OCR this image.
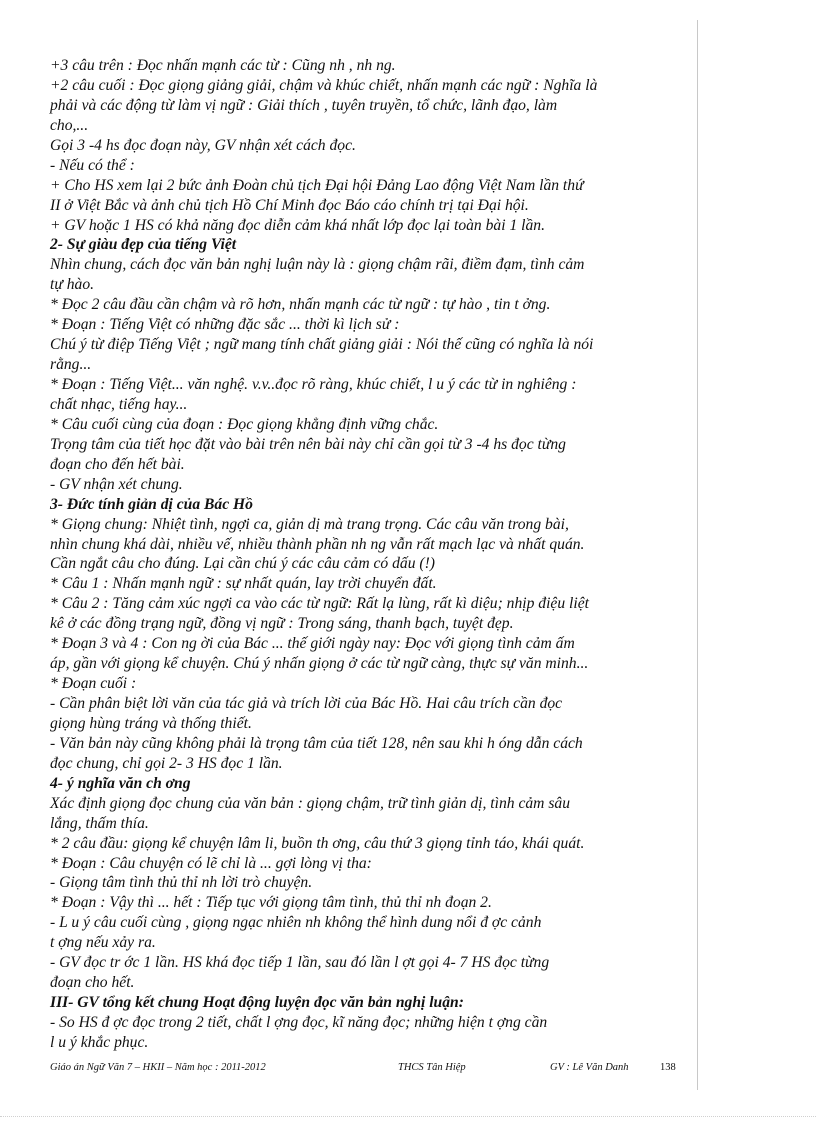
+3 câu trên : Đọc nhấn mạnh các từ : Cũng nh , nh ng.
+2 câu cuối : Đọc giọng giảng giải, chậm và khúc chiết, nhấn mạnh các ngữ : Nghĩa là
phải và các động từ làm vị ngữ : Giải thích , tuyên truyền, tổ chức, lãnh đạo, làm
cho,...
Gọi 3 -4 hs đọc đoạn này, GV nhận xét cách đọc.
- Nếu có thể :
+ Cho HS xem lại 2 bức ảnh Đoàn chủ tịch Đại hội Đảng Lao động Việt Nam lần thứ
II ở Việt Bắc và ảnh chủ tịch Hồ Chí Minh đọc Báo cáo chính trị tại Đại hội.
+ GV hoặc 1 HS có khả năng đọc diễn cảm khá nhất lớp đọc lại toàn bài 1 lần.
2- Sự giàu đẹp của tiếng Việt
Nhìn chung, cách đọc văn bản nghị luận này là : giọng chậm rãi, điềm đạm, tình cảm
tự hào.
* Đọc 2 câu đầu cần chậm và rõ hơn, nhấn mạnh các từ ngữ : tự hào , tin t ởng.
* Đoạn : Tiếng Việt có những đặc sắc ... thời kì lịch sử :
Chú ý từ điệp Tiếng Việt ; ngữ mang tính chất giảng giải : Nói thế cũng có nghĩa là nói
rằng...
* Đoạn : Tiếng Việt... văn nghệ. v.v..đọc rõ ràng, khúc chiết, l u ý các từ in nghiêng :
chất nhạc, tiếng hay...
* Câu cuối cùng của đoạn : Đọc giọng khẳng định vững chắc.
Trọng tâm của tiết học đặt vào bài trên nên bài này chỉ cần gọi từ 3 -4 hs đọc từng
đoạn cho đến hết bài.
- GV nhận xét chung.
3- Đức tính giản dị của Bác Hồ
* Giọng chung: Nhiệt tình, ngợi ca, giản dị mà trang trọng. Các câu văn trong bài,
nhìn chung khá dài, nhiều vế, nhiều thành phần nh ng vẫn rất mạch lạc và nhất quán.
Cần ngắt câu cho đúng. Lại cần chú ý các câu cảm có dấu (!)
* Câu 1 : Nhấn mạnh ngữ : sự nhất quán, lay trời chuyển đất.
* Câu 2 : Tăng cảm xúc ngợi ca vào các từ ngữ: Rất lạ lùng, rất kì diệu; nhịp điệu liệt
kê ở các đồng trạng ngữ, đồng vị ngữ : Trong sáng, thanh bạch, tuyệt đẹp.
* Đoạn 3 và 4 : Con ng ời của Bác ... thế giới ngày nay: Đọc với giọng tình cảm ấm
áp, gần với giọng kể chuyện. Chú ý nhấn giọng ở các từ ngữ càng, thực sự văn minh...
* Đoạn cuối :
- Cần phân biệt lời văn của tác giả và trích lời của Bác Hồ. Hai câu trích cần đọc
giọng hùng tráng và thống thiết.
- Văn bản này cũng không phải là trọng tâm của tiết 128, nên sau khi h óng dẫn cách
đọc chung, chỉ gọi 2- 3 HS đọc 1 lần.
4- ý nghĩa văn ch ơng
Xác định giọng đọc chung của văn bản : giọng chậm, trữ tình giản dị, tình cảm sâu
lắng, thấm thía.
* 2 câu đầu: giọng kể chuyện lâm li, buồn th ơng, câu thứ 3 giọng tỉnh táo, khái quát.
* Đoạn : Câu chuyện có lẽ chỉ là ... gợi lòng vị tha:
- Giọng tâm tình thủ thỉ nh lời trò chuyện.
* Đoạn : Vậy thì ... hết : Tiếp tục với giọng tâm tình, thủ thỉ nh đoạn 2.
- L u ý câu cuối cùng , giọng ngạc nhiên nh không thể hình dung nổi đ ợc cảnh
t ợng nếu xảy ra.
- GV đọc tr ớc 1 lần. HS khá đọc tiếp 1 lần, sau đó lần l ợt gọi 4- 7 HS đọc từng
đoạn cho hết.
III- GV tổng kết chung Hoạt động luyện đọc văn bản nghị luận:
- So HS đ ợc đọc trong 2 tiết, chất l ợng đọc, kĩ năng đọc; những hiện t ợng cần
l u ý khắc phục.
Giáo án Ngữ Văn 7 – HKII – Năm học : 2011-2012	THCS Tân Hiệp	GV : Lê Văn Danh	138
